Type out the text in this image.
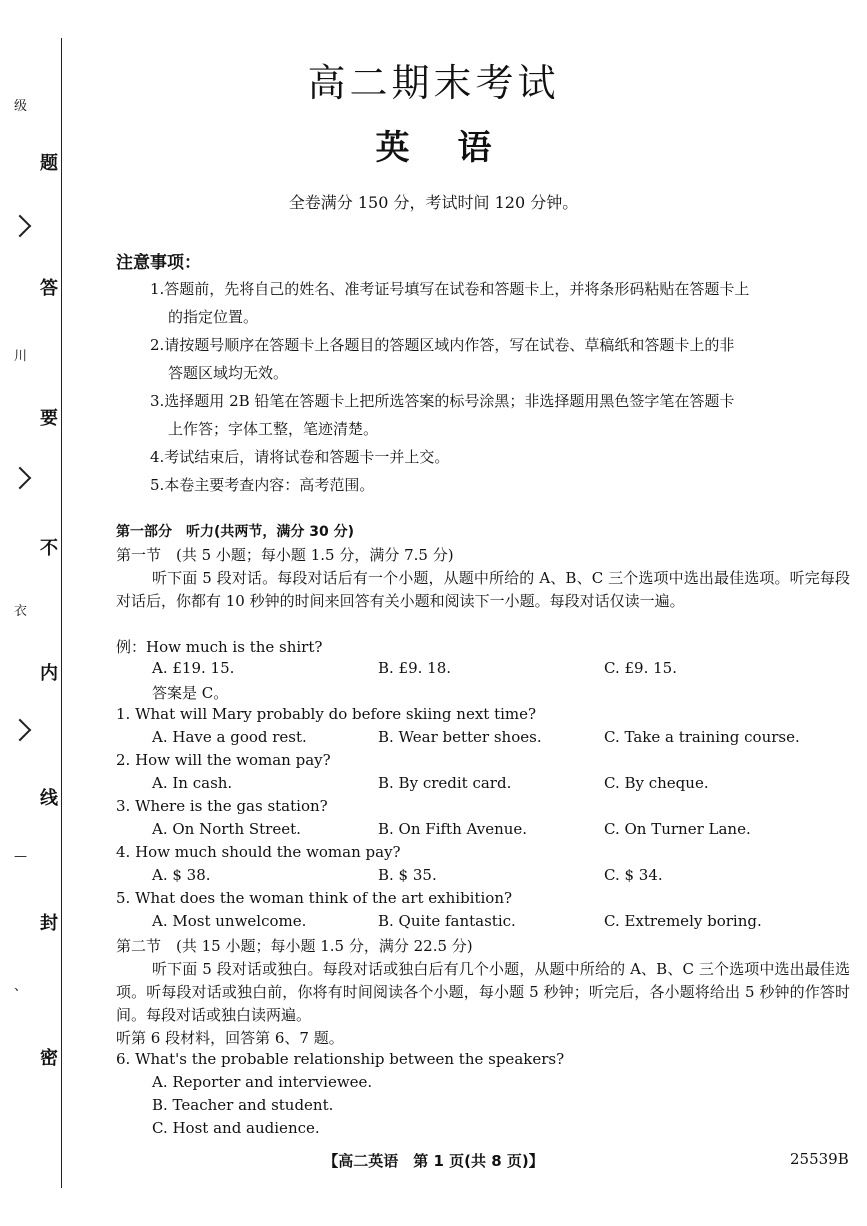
级
题
答
川
要
不
衣
内
线
—
封
、
密
高二期末考试
英语
全卷满分 150 分，考试时间 120 分钟。
注意事项：

1.答题前，先将自己的姓名、准考证号填写在试卷和答题卡上，并将条形码粘贴在答题卡上
的指定位置。

2.请按题号顺序在答题卡上各题目的答题区域内作答，写在试卷、草稿纸和答题卡上的非
答题区域均无效。

3.选择题用 2B 铅笔在答题卡上把所选答案的标号涂黑；非选择题用黑色签字笔在答题卡
上作答；字体工整，笔迹清楚。

4.考试结束后，请将试卷和答题卡一并上交。

5.本卷主要考查内容：高考范围。

第一部分　听力(共两节，满分 30 分)
第一节　(共 5 小题；每小题 1.5 分，满分 7.5 分)
听下面 5 段对话。每段对话后有一个小题，从题中所给的 A、B、C 三个选项中选出最佳选项。听完每段对话后，你都有 10 秒钟的时间来回答有关小题和阅读下一小题。每段对话仅读一遍。
例：How much is the shirt?
A. £19. 15.	B. £9. 18.	C. £9. 15.
答案是 C。
1. What will Mary probably do before skiing next time?
A. Have a good rest.	B. Wear better shoes.	C. Take a training course.
2. How will the woman pay?
A. In cash.	B. By credit card.	C. By cheque.
3. Where is the gas station?
A. On North Street.	B. On Fifth Avenue.	C. On Turner Lane.
4. How much should the woman pay?
A. $ 38.	B. $ 35.	C. $ 34.
5. What does the woman think of the art exhibition?
A. Most unwelcome.	B. Quite fantastic.	C. Extremely boring.
第二节　(共 15 小题；每小题 1.5 分，满分 22.5 分)
听下面 5 段对话或独白。每段对话或独白后有几个小题，从题中所给的 A、B、C 三个选项中选出最佳选项。听每段对话或独白前，你将有时间阅读各个小题，每小题 5 秒钟；听完后，各小题将给出 5 秒钟的作答时间。每段对话或独白读两遍。
听第 6 段材料，回答第 6、7 题。
6. What's the probable relationship between the speakers?
A. Reporter and interviewee.
B. Teacher and student.
C. Host and audience.
【高二英语　第 1 页(共 8 页)】	25539B
